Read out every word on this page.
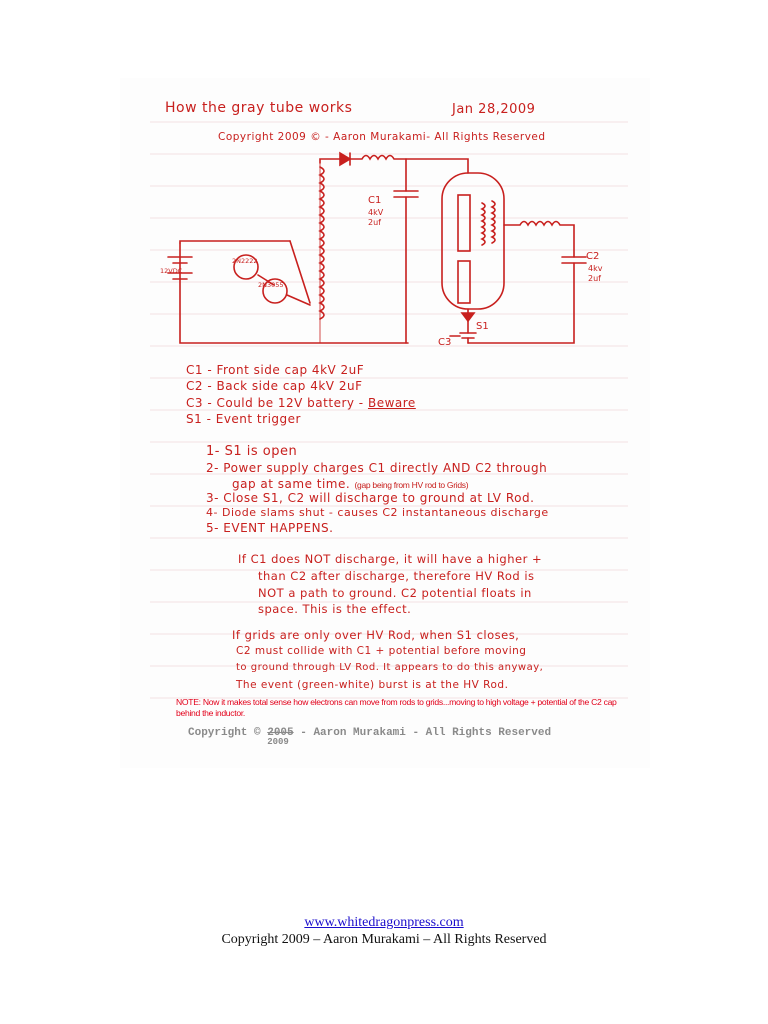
How the gray tube works	Jan 28,2009
Copyright 2009 © - Aaron Murakami- All Rights Reserved
C1
4kV
2uf
C2
4kv
2uf
C3
S1
12VDC
2N2222
2N3055
C1 - Front side cap 4kV 2uF
C2 - Back side cap 4kV 2uF
C3 - Could be 12V battery - Beware
S1 - Event trigger
1- S1 is open
2- Power supply charges C1 directly AND C2 through
gap at same time. (gap being from HV rod to Grids)
3- Close S1, C2 will discharge to ground at LV Rod.
4- Diode slams shut - causes C2 instantaneous discharge
5- EVENT HAPPENS.
If C1 does NOT discharge, it will have a higher +
than C2 after discharge, therefore HV Rod is
NOT a path to ground. C2 potential floats in
space. This is the effect.
If grids are only over HV Rod, when S1 closes,
C2 must collide with C1 + potential before moving
to ground through LV Rod. It appears to do this anyway,
The event (green-white) burst is at the HV Rod.
NOTE: Now it makes total sense how electrons can move from rods to grids...moving to high voltage + potential of the C2 cap behind the inductor.
Copyright © 2005
2009
- Aaron Murakami - All Rights Reserved
www.whitedragonpress.com
Copyright 2009 – Aaron Murakami – All Rights Reserved
